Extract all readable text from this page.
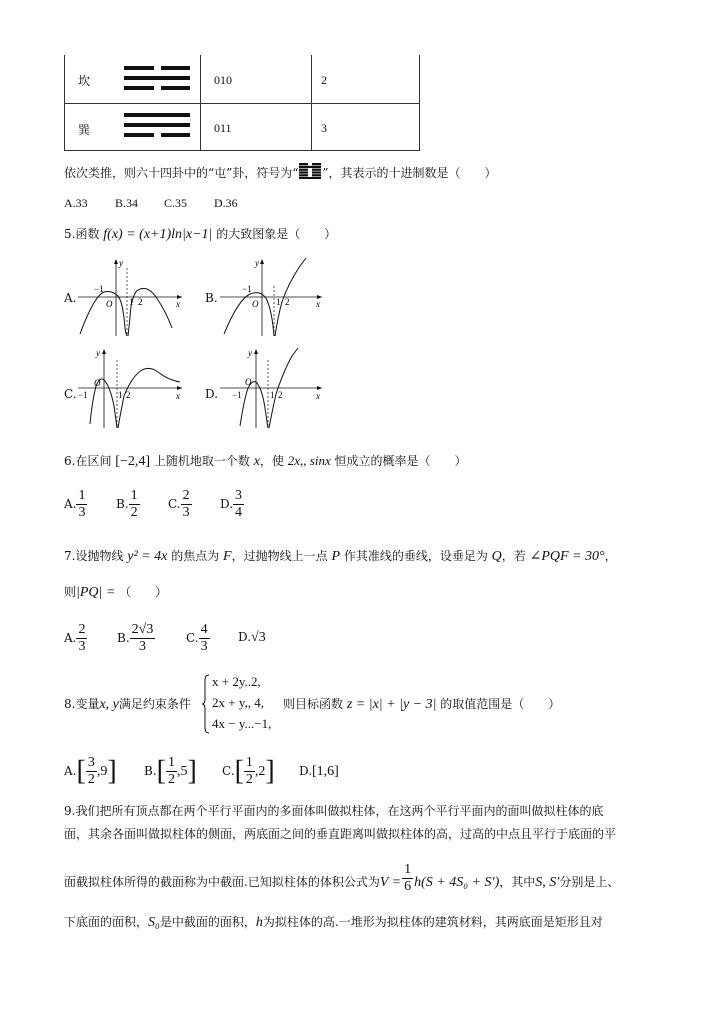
坎	010	2
巽	011	3
依次类推，则六十四卦中的“屯”卦，符号为“ ”，其表示的十进制数是（　　）
A.33 B.34 C.35 D.36
5.函数 f(x) = (x+1)ln|x−1| 的大致图象是（　　）
A.
y
x
O
−1
1 2	B.
y
x
O
−1
1 2
C.
y
x
O
−1	1 2	D.
y
x
O
−1	1 2
6.在区间 [−2,4] 上随机地取一个数 x，使 2x,, sinx 恒成立的概率是（　　）
A. $\frac{1}{3} B$. $\frac{1}{2} C$. $\frac{2}{3} D$. $\frac{3}{4}$
7.设抛物线 y² = 4x 的焦点为 F，过抛物线上一点 P 作其准线的垂线，设垂足为 Q，若 ∠PQF = 30°，
则|PQ| = （　　）
A. $\frac{2}{3} B$. $\frac{2√3}{3}$	C. $\frac{4}{3} D.√3$
8.变量x, y满足约束条件
x + 2y..2,
2x + y,, 4,
4x − y...−1,
则目标函数 z = |x| + |y − 3| 的取值范围是（　　）
$A.[ \frac{3}{2} ,9]$ $B.[ \frac{1}{2} ,5]$ $C.[ \frac{1}{2} ,2]$ D.[1,6]
9.我们把所有顶点都在两个平行平面内的多面体叫做拟柱体，在这两个平行平面内的面叫做拟柱体的底
面，其余各面叫做拟柱体的侧面，两底面之间的垂直距离叫做拟柱体的高，过高的中点且平行于底面的平
面截拟柱体所得的截面称为中截面.已知拟柱体的体积公式为$V = \frac{1}{6} h(S + 4S_0 + S')$，其中S, S′分别是上、
下底面的面积，S₀是中截面的面积，h为拟柱体的高.一堆形为拟柱体的建筑材料，其两底面是矩形且对
